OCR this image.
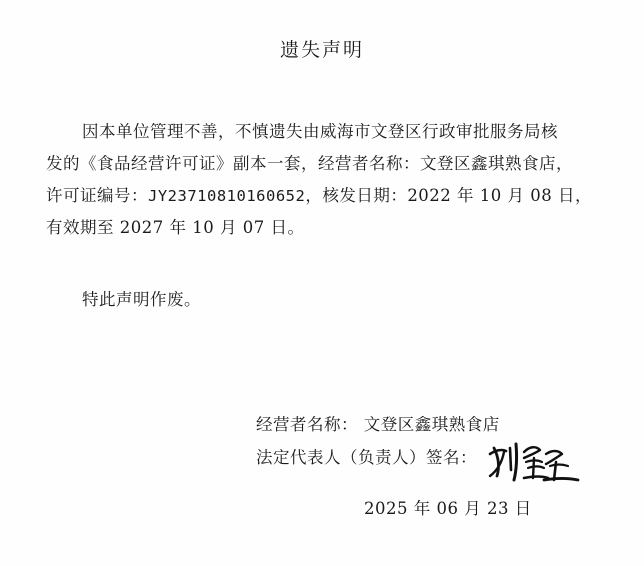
遗失声明
因本单位管理不善，不慎遗失由威海市文登区行政审批服务局核
发的《食品经营许可证》副本一套，经营者名称：文登区鑫琪熟食店，
许可证编号：JY23710810160652，核发日期：2022 年 10 月 08 日，
有效期至 2027 年 10 月 07 日。
特此声明作废。
经营者名称： 文登区鑫琪熟食店
法定代表人（负责人）签名：
2025 年 06 月 23 日
